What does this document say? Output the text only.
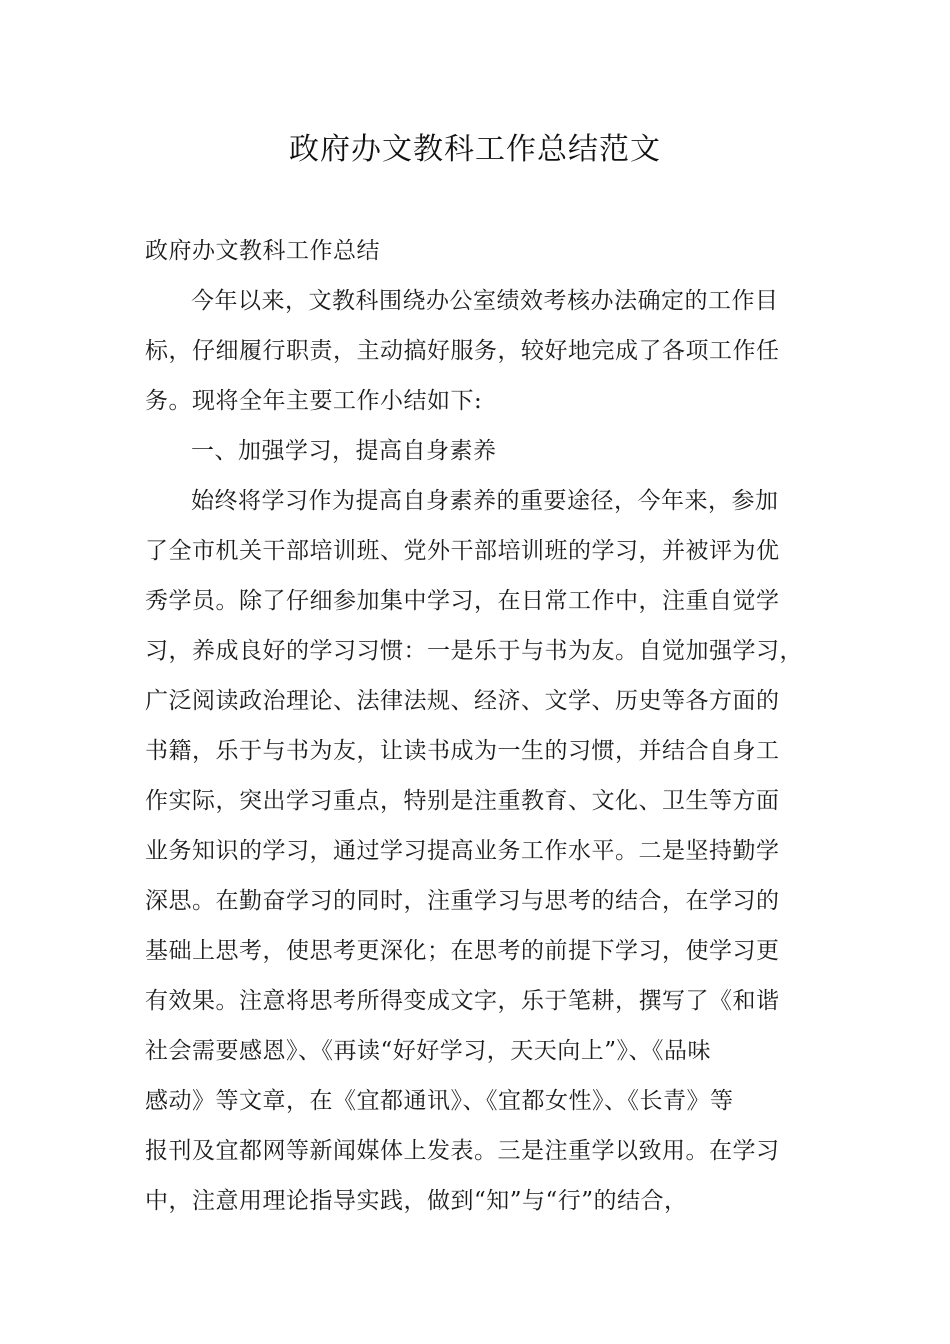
政府办文教科工作总结范文
政府办文教科工作总结
今年以来，文教科围绕办公室绩效考核办法确定的工作目
标，仔细履行职责，主动搞好服务，较好地完成了各项工作任
务。现将全年主要工作小结如下:
一、加强学习，提高自身素养
始终将学习作为提高自身素养的重要途径，今年来，参加
了全市机关干部培训班、党外干部培训班的学习，并被评为优
秀学员。除了仔细参加集中学习，在日常工作中，注重自觉学
习，养成良好的学习习惯：一是乐于与书为友。自觉加强学习，
广泛阅读政治理论、法律法规、经济、文学、历史等各方面的
书籍，乐于与书为友，让读书成为一生的习惯，并结合自身工
作实际，突出学习重点，特别是注重教育、文化、卫生等方面
业务知识的学习，通过学习提高业务工作水平。二是坚持勤学
深思。在勤奋学习的同时，注重学习与思考的结合，在学习的
基础上思考，使思考更深化；在思考的前提下学习，使学习更
有效果。注意将思考所得变成文字，乐于笔耕，撰写了《和谐
社会需要感恩》、《再读“好好学习，天天向上”》、《品味
感动》等文章，在《宜都通讯》、《宜都女性》、《长青》等
报刊及宜都网等新闻媒体上发表。三是注重学以致用。在学习
中，注意用理论指导实践，做到“知”与“行”的结合，
